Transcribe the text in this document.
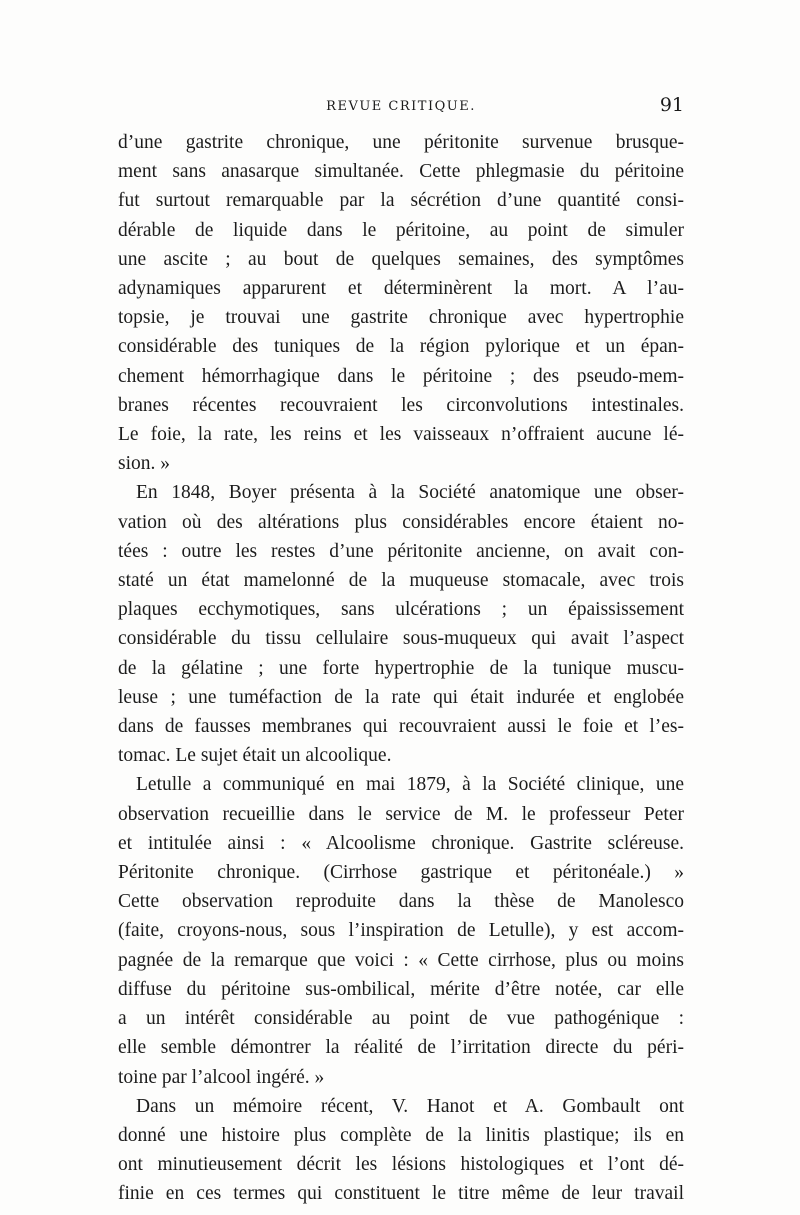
REVUE CRITIQUE.	91

d’une gastrite chronique, une péritonite survenue brusque-
ment sans anasarque simultanée. Cette phlegmasie du péritoine
fut surtout remarquable par la sécrétion d’une quantité consi-
dérable de liquide dans le péritoine, au point de simuler
une ascite ; au bout de quelques semaines, des symptômes
adynamiques apparurent et déterminèrent la mort. A l’au-
topsie, je trouvai une gastrite chronique avec hypertrophie
considérable des tuniques de la région pylorique et un épan-
chement hémorrhagique dans le péritoine ; des pseudo-mem-
branes récentes recouvraient les circonvolutions intestinales.
Le foie, la rate, les reins et les vaisseaux n’offraient aucune lé-
sion. »

En 1848, Boyer présenta à la Société anatomique une obser-
vation où des altérations plus considérables encore étaient no-
tées : outre les restes d’une péritonite ancienne, on avait con-
staté un état mamelonné de la muqueuse stomacale, avec trois
plaques ecchymotiques, sans ulcérations ; un épaississement
considérable du tissu cellulaire sous-muqueux qui avait l’aspect
de la gélatine ; une forte hypertrophie de la tunique muscu-
leuse ; une tuméfaction de la rate qui était indurée et englobée
dans de fausses membranes qui recouvraient aussi le foie et l’es-
tomac. Le sujet était un alcoolique.

Letulle a communiqué en mai 1879, à la Société clinique, une
observation recueillie dans le service de M. le professeur Peter
et intitulée ainsi : « Alcoolisme chronique. Gastrite scléreuse.
Péritonite chronique. (Cirrhose gastrique et péritonéale.) »
Cette observation reproduite dans la thèse de Manolesco
(faite, croyons-nous, sous l’inspiration de Letulle), y est accom-
pagnée de la remarque que voici : « Cette cirrhose, plus ou moins
diffuse du péritoine sus-ombilical, mérite d’être notée, car elle
a un intérêt considérable au point de vue pathogénique :
elle semble démontrer la réalité de l’irritation directe du péri-
toine par l’alcool ingéré. »

Dans un mémoire récent, V. Hanot et A. Gombault ont
donné une histoire plus complète de la linitis plastique; ils en
ont minutieusement décrit les lésions histologiques et l’ont dé-
finie en ces termes qui constituent le titre même de leur travail
